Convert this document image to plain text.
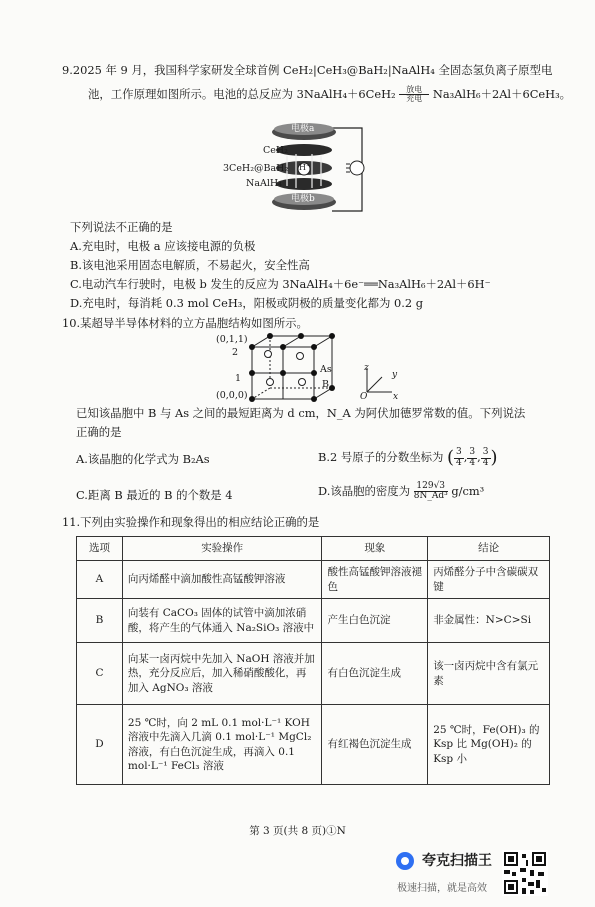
9.2025 年 9 月，我国科学家研发全球首例 CeH₂|CeH₃@BaH₂|NaAlH₄ 全固态氢负离子原型电
池，工作原理如图所示。电池的总反应为 3NaAlH₄＋6CeH₂ $\frac{\text{放电}}{\text{充电}} Na_3AlH_6+2Al+6CeH_3$。
电极a
电极b
CeH₂
3CeH₂@BaH₂
NaAlH₄
H⁻
下列说法不正确的是
A.充电时，电极 a 应该接电源的负极
B.该电池采用固态电解质，不易起火，安全性高
C.电动汽车行驶时，电极 b 发生的反应为 3NaAlH₄＋6e⁻══Na₃AlH₆＋2Al＋6H⁻
D.充电时，每消耗 0.3 mol CeH₃，阳极或阴极的质量变化都为 0.2 g
10.某超导半导体材料的立方晶胞结构如图所示。
(0,1,1)
2
1
(0,0,0)
As
B
z
y
x
O
已知该晶胞中 B 与 As 之间的最短距离为 d cm，N_A 为阿伏加德罗常数的值。下列说法
正确的是
A.该晶胞的化学式为 B₂As	B.2 号原子的分数坐标为 ( $\frac{3}{4}$ , $\frac{3}{4}$ , $\frac{3}{4}$ )
C.距离 B 最近的 B 的个数是 4	D.该晶胞的密度为 $\frac{129√3}{\text{8N\_Ad³}} g/cm^3$
11.下列由实验操作和现象得出的相应结论正确的是
选项	实验操作	现象	结论
A	向丙烯醛中滴加酸性高锰酸钾溶液	酸性高锰酸钾溶液褪色	丙烯醛分子中含碳碳双键
B	向装有 CaCO₃ 固体的试管中滴加浓硝酸，将产生的气体通入 Na₂SiO₃ 溶液中	产生白色沉淀	非金属性：N>C>Si
C	向某一卤丙烷中先加入 NaOH 溶液并加热，充分反应后，加入稀硝酸酸化，再加入 AgNO₃ 溶液	有白色沉淀生成	该一卤丙烷中含有氯元素
D	25 ℃时，向 2 mL 0.1 mol·L⁻¹ KOH 溶液中先滴入几滴 0.1 mol·L⁻¹ MgCl₂ 溶液，有白色沉淀生成，再滴入 0.1 mol·L⁻¹ FeCl₃ 溶液	有红褐色沉淀生成	25 ℃时，Fe(OH)₃ 的 Ksp 比 Mg(OH)₂ 的 Ksp 小
第 3 页(共 8 页)①N
夸克扫描王
极速扫描，就是高效
